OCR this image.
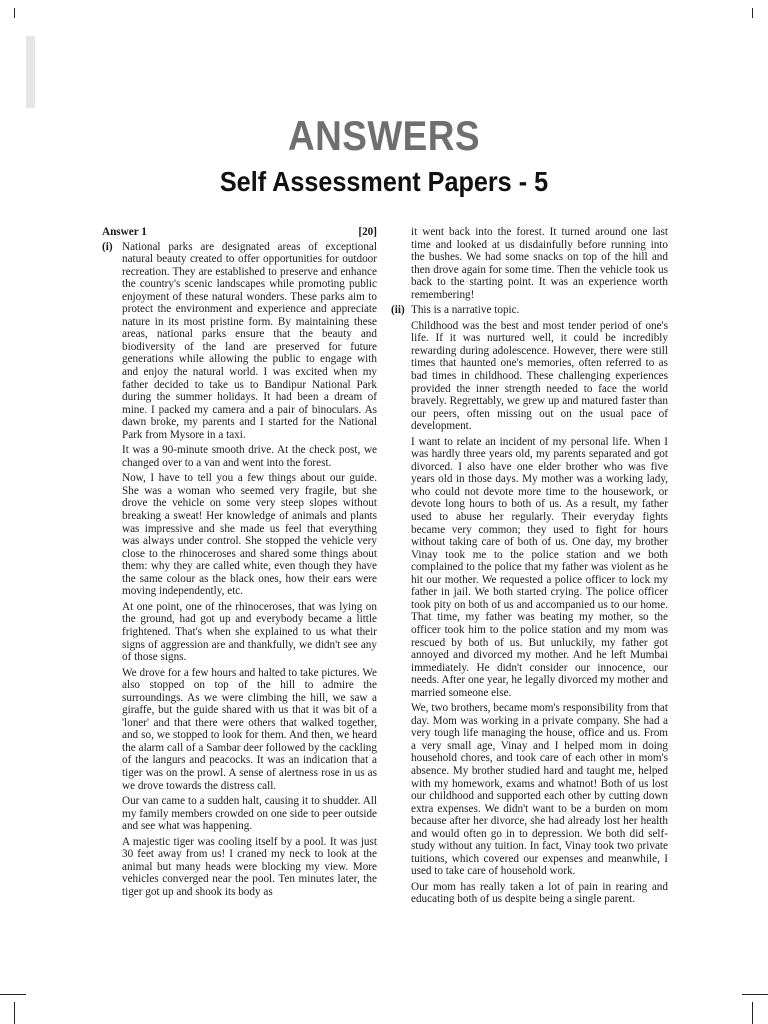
ANSWERS
Self Assessment Papers - 5
Answer 1	[20]
(i) National parks are designated areas of exceptional natural beauty created to offer opportunities for outdoor recreation. They are established to preserve and enhance the country's scenic landscapes while promoting public enjoyment of these natural wonders. These parks aim to protect the environment and experience and appreciate nature in its most pristine form. By maintaining these areas, national parks ensure that the beauty and biodiversity of the land are preserved for future generations while allowing the public to engage with and enjoy the natural world. I was excited when my father decided to take us to Bandipur National Park during the summer holidays. It had been a dream of mine. I packed my camera and a pair of binoculars. As dawn broke, my parents and I started for the National Park from Mysore in a taxi.

It was a 90-minute smooth drive. At the check post, we changed over to a van and went into the forest.

Now, I have to tell you a few things about our guide. She was a woman who seemed very fragile, but she drove the vehicle on some very steep slopes without breaking a sweat! Her knowledge of animals and plants was impressive and she made us feel that everything was always under control. She stopped the vehicle very close to the rhinoceroses and shared some things about them: why they are called white, even though they have the same colour as the black ones, how their ears were moving independently, etc.

At one point, one of the rhinoceroses, that was lying on the ground, had got up and everybody became a little frightened. That's when she explained to us what their signs of aggression are and thankfully, we didn't see any of those signs.

We drove for a few hours and halted to take pictures. We also stopped on top of the hill to admire the surroundings. As we were climbing the hill, we saw a giraffe, but the guide shared with us that it was bit of a 'loner' and that there were others that walked together, and so, we stopped to look for them. And then, we heard the alarm call of a Sambar deer followed by the cackling of the langurs and peacocks. It was an indication that a tiger was on the prowl. A sense of alertness rose in us as we drove towards the distress call.

Our van came to a sudden halt, causing it to shudder. All my family members crowded on one side to peer outside and see what was happening.

A majestic tiger was cooling itself by a pool. It was just 30 feet away from us! I craned my neck to look at the animal but many heads were blocking my view. More vehicles converged near the pool. Ten minutes later, the tiger got up and shook its body as

it went back into the forest. It turned around one last time and looked at us disdainfully before running into the bushes. We had some snacks on top of the hill and then drove again for some time. Then the vehicle took us back to the starting point. It was an experience worth remembering!

(ii) This is a narrative topic.

Childhood was the best and most tender period of one's life. If it was nurtured well, it could be incredibly rewarding during adolescence. However, there were still times that haunted one's memories, often referred to as bad times in childhood. These challenging experiences provided the inner strength needed to face the world bravely. Regrettably, we grew up and matured faster than our peers, often missing out on the usual pace of development.

I want to relate an incident of my personal life. When I was hardly three years old, my parents separated and got divorced. I also have one elder brother who was five years old in those days. My mother was a working lady, who could not devote more time to the housework, or devote long hours to both of us. As a result, my father used to abuse her regularly. Their everyday fights became very common; they used to fight for hours without taking care of both of us. One day, my brother Vinay took me to the police station and we both complained to the police that my father was violent as he hit our mother. We requested a police officer to lock my father in jail. We both started crying. The police officer took pity on both of us and accompanied us to our home. That time, my father was beating my mother, so the officer took him to the police station and my mom was rescued by both of us. But unluckily, my father got annoyed and divorced my mother. And he left Mumbai immediately. He didn't consider our innocence, our needs. After one year, he legally divorced my mother and married someone else.

We, two brothers, became mom's responsibility from that day. Mom was working in a private company. She had a very tough life managing the house, office and us. From a very small age, Vinay and I helped mom in doing household chores, and took care of each other in mom's absence. My brother studied hard and taught me, helped with my homework, exams and whatnot! Both of us lost our childhood and supported each other by cutting down extra expenses. We didn't want to be a burden on mom because after her divorce, she had already lost her health and would often go in to depression. We both did self-study without any tuition. In fact, Vinay took two private tuitions, which covered our expenses and meanwhile, I used to take care of household work.

Our mom has really taken a lot of pain in rearing and educating both of us despite being a single parent.
